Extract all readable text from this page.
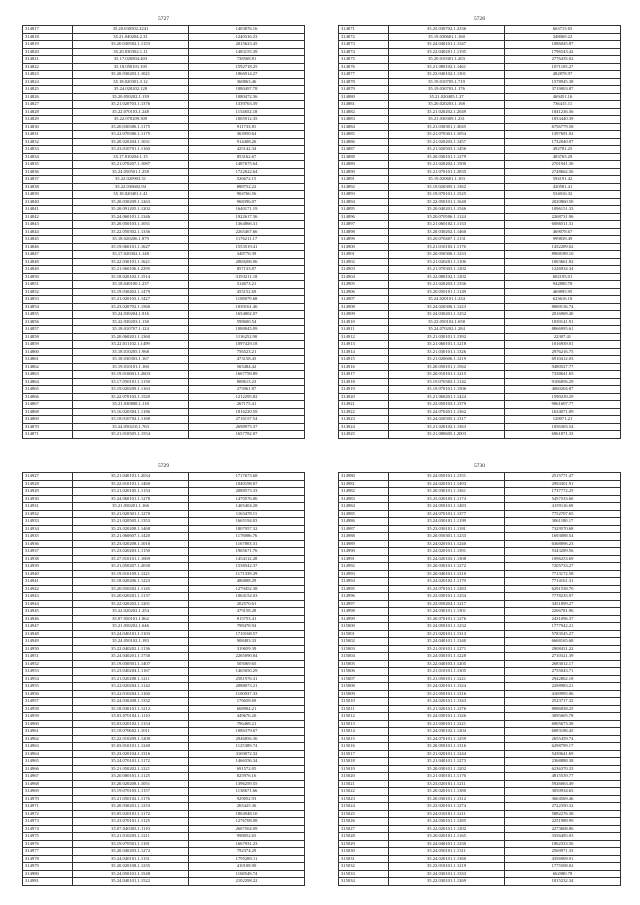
5727
314817	35.20.030502.2241	1403876.16
314818	35.21.040204.2.31	1240316.23
314819	35.20.030502.1.1153	2015623.45
314820	35.20.030302.1.11	1483155.39
314821	35.17.020804.403	738568.81
314822	35.18.050101.105	1592718.25
314823	35.20.030203.1.1021	1866914.27
314824	35.18.020301.3.12	368863.46
314825	35.24.020202.128	1080497.78
314826	35.20.050202.1.139	1080472.36
314827	35.21.020703.1.1376	1339763.39
314828	35.22.070103.1.248	1154652.18
314829	35.22.070209.309	1005912.35
314830	35.20.030306.1.1175	911733.81
314831	35.22.070306.1.1175	363950.64
314832	35.20.020204.1.1031	914408.26
314833	35.23.010701.1.1160	425142.34
314834	35.17.010204.1.15	853162.67
314835	35.21.070207.1.1087	1487675.64
314836	35.24.050501.1.258	1722622.64
314837	35.22.020903.31	526672.15
314838	35.22.030602.94	888752.22
314839	35.18.020401.1.41	904766.56
314840	35.20.030209.1.1263	968396.07
314841	35.20.091205.1.1202	1640171.19
314842	35.24.060101.1.1346	1922617.36
314843	35.20.050103.1.1031	1364866.31
314844	35.22.050302.1.1336	2265467.66
314845	35.18.020206.1.879	1176211.17
314846	35.19.060101.1.1627	1553519.41
314847	35.17.020302.1.148	348776.39
314848	35.22.030101.1.1621	2069206.96
314849	35.21.060106.1.2295	857133.87
314850	35.18.020102.1.1514	3193211.18
314851	35.18.040100.1.237	314673.21
314852	35.19.030402.1.1479	455152.69
314853	35.21.020103.1.1427	1108079.68
314854	35.23.020702.1.1560	1039161.46
314855	35.24.030204.1.916	1654802.07
314856	35.22.030203.1.130	598600.54
314857	35.18.010707.1.124	1088845.09
314858	35.20.060201.1.1360	1116252.90
314859	35.22.011102.1.1499	1097429.18
314860	35.18.010205.1.968	756523.21
314861	35.18.030303.1.167	473158.45
314862	35.19.010101.1.160	565484.42
314863	35.19.010601.1.2603	1667758.89
314864	35.17.050101.1.1150	808613.23
314865	35.19.020209.1.1163	275061.87
314866	35.22.070103.1.1520	1212295.82
314867	35.21.030808.1.118	267175.41
314868	35.16.020304.1.1186	1816220.59
314869	35.18.010704.1.1168	2716157.54
314870	35.24.050210.1.763	2698975.37
314871	35.21.010505.1.1554	1657782.07
5728
314871	35.25.030702.1.2336	663715.65
314872	35.19.030601.1.160	348069.22
314873	35.24.040101.1.1347	1086045.87
314874	35.22.040201.1.1195	1796543.42
314875	35.20.010301.1.203	2776435.02
314876	35.21.080102.1.1461	1071105.27
314877	35.23.040102.1.1301	482878.97
314878	35.19.010705.1.719	1578945.38
314879	35.19.030703.1.176	3719003.87
314880	35.21.020405.1.27	469451.16
314881	35.20.020203.1.168	736415.11
314882	35.21.020202.1.2049	1041236.36
314883	35.21.030309.1.231	1833440.39
314884	35.21.030301.1.3045	6756779.58
314885	35.21.070301.1.1054	1397691.02
314886	35.21.020203.1.1457	1732040.07
314887	35.21.020503.1.1456	492781.25
314888	35.20.030101.1.1279	483765.29
314889	35.21.020202.1.1500	2701941.30
314890	35.21.070101.1.2835	2748662.56
314891	35.19.020601.1.103	594191.42
314892	35.19.020305.1.1362	420581.41
314893	35.19.070101.1.1525	534016.32
314894	35.22.050101.1.1640	2020860.50
314895	35.20.040201.1.1546	1096151.33
314896	35.20.070506.1.1124	2268731.96
314897	35.21.060102.1.1153	6086511.31
314898	35.20.030202.1.1460	469078.67
314899	35.20.070407.1.1131	999839.49
314900	35.21.010103.1.1176	1432289.02
314901	35.20.050306.1.1233	8968189.10
314902	35.21.020201.1.1106	1003661.82
314903	35.21.070303.1.1202	1226934.34
314904	35.22.080102.1.1202	602195.01
314905	35.21.020203.1.1336	942800.78
314906	35.20.050101.1.1149	469895.95
314907	35.24.020101.1.234	623616.18
314908	35.24.020306.1.1223	8069136.74
314909	35.24.030201.1.1252	2016969.40
314910	35.23.050102.1.658	1039141.91
314911	35.24.070202.1.284	8866995.61
314912	35.21.030101.1.1392	22307.41
314913	35.21.060101.1.1218	1016939.01
314914	35.21.030101.1.1326	2976216.75
314915	35.21.020606.1.1219	6910412.03
314916	35.20.050101.1.1562	9480527.77
314917	35.20.010101.1.1215	7338641.65
314918	35.19.070303.1.1142	9106856.29
314919	35.19.070101.1.1506	4060204.87
314920	35.21.060201.1.1424	1590239.29
314921	35.23.050103.1.1379	9061607.77
314922	35.24.070201.1.1362	1634071.09
314923	35.24.020505.1.1317	128071.21
314924	35.21.020102.1.1363	1056303.54
314925	35.21.080605.1.2003	6961871.33
5729
314927	35.21.040101.1.2034	1717673.68
314928	35.22.010101.1.1460	1040198.07
314929	35.21.020105.1.1154	2088573.33
314930	35.24.060101.1.1278	1470576.06
314931	35.21.050201.1.166	1405404.28
314932	35.21.020301.1.1270	1163478.11
314933	35.21.020505.1.1353	1665194.03
314934	35.23.020208.1.1468	1807957.32
314935	35.21.060607.1.1420	1178086.76
314936	35.23.020208.1.1010	1167803.31
314937	35.23.020203.1.1150	1965671.76
314938	35.27.010101.1.1069	1454112.28
314939	35.21.050207.1.2030	1538542.37
314940	35.19.010109.1.1221	1171339.29
314941	35.18.020206.1.1223	486808.29
314942	35.20.050202.1.1145	1279452.38
314943	35.20.020201.1.1137	1064154.03
314944	35.22.020203.1.1201	202570.61
314945	35.22.020202.1.254	479158.28
314946	35.07.050101.1.862	815753.41
314947	35.21.050202.1.646	798478.94
314948	35.24.040101.1.1103	1710168.57
314949	35.24.050102.1.183	908403.33
314950	35.22.040202.1.1136	319659.39
314951	35.24.040201.1.1730	2265090.84
314952	35.19.030501.1.1407	505069.65
314953	35.23.040204.1.1167	1465050.29
314954	35.21.020208.1.1211	2581976.31
314955	35.22.020204.1.1142	2088073.21
314956	35.22.010204.1.1160	1100037.33
314957	35.24.030208.1.1332	176658.69
314958	35.18.030101.1.1212	668904.21
314959	35.03.070104.1.1110	449676.20
314960	35.03.020102.1.1154	796468.21
314961	35.18.070602.1.1011	1086379.67
314962	35.22.010209.1.1200	2946856.36
314963	35.03.010101.1.1240	1125389.74
314964	35.23.020104.1.1316	3169072.32
314965	35.24.070101.1.1172	1466556.34
314966	35.21.050202.1.1221	691572.05
314967	35.20.080101.1.1125	825976.16
314968	35.20.020208.1.1051	1396259.55
314969	35.19.070103.1.1157	1138671.66
314970	35.21.050102.1.1176	929052.93
314971	35.20.030201.1.1233	265425.36
314972	35.05.020101.1.1172	1804948.10
314973	35.23.070101.1.1125	1276708.08
314974	35.07.040303.1.1110	2667504.09
314975	35.21.010203.1.1211	998052.65
314976	35.19.070501.1.1181	1667931.23
314977	35.20.040203.1.1272	792374.29
314978	35.24.040101.1.1151	1795280.11
314979	35.20.020108.1.1235	410108.90
314980	35.24.050101.1.1548	1168549.74
314981	35.24.040101.1.1522	2102298.22
5730
314980	35.24.050101.1.1351	2515771.47
314981	35.24.020101.1.1493	2994301.91
314982	35.20.030101.1.1361	1737772.25
314983	35.25.020103.1.1174	5457533.66
314984	35.24.050101.1.1483	4159116.69
314985	35.24.070101.1.1377	7752707.65
314986	35.24.030101.1.1199	3061180.17
314987	35.23.030101.1.1181	7329570.68
314988	35.20.050301.1.1233	1693088.54
314989	35.24.020101.1.1240	6368896.23
314990	35.24.020101.1.1391	5343289.56
314991	35.24.020103.1.1308	1096253.69
314992	35.20.030101.1.1272	7205733.27
314993	35.20.040101.1.1310	7713172.58
314994	35.24.020102.1.1170	7714161.31
314995	35.23.070101.1.1283	6291538.70
314996	35.23.030101.1.1254	7778235.97
314997	35.23.050204.1.1217	3451899.27
314998	35.24.030101.1.1301	2266781.96
314999	35.20.070101.1.1276	2431096.37
315000	35.24.050101.1.1232	1777942.21
315001	35.21.020101.1.1313	5783545.27
315002	35.24.040101.1.1340	6668165.68
315003	35.21.010101.1.1271	2908431.22
315004	35.24.030101.1.1228	2710321.39
315005	35.22.040103.1.1205	2683012.17
315006	35.21.010101.1.1305	2755043.71
315007	35.21.050101.1.1221	2942862.18
315008	35.24.020101.1.1324	2298983.21
315009	35.21.050101.1.1316	4169995.06
315010	35.24.020101.1.1343	2523717.32
315011	35.21.020101.1.1276	8086838.25
315012	35.24.030101.1.1326	3095605.78
315013	35.21.030101.1.1221	6905673.38
315014	35.24.030102.1.1204	6083186.45
315015	35.24.070101.1.1259	2655459.74
315016	35.20.050101.1.1316	6298799.17
315017	35.21.020101.1.1244	5439641.69
315018	35.21.040101.1.1273	2368888.38
315019	35.20.030101.1.1202	6236370.33
315020	35.21.030101.1.1176	4815539.77
315021	35.23.020101.1.1211	5926063.49
315022	35.20.020101.1.1380	3050934.65
315023	35.20.030101.1.1312	3604569.46
315024	35.23.020101.1.1274	2722350.32
315025	35.24.010101.1.1211	5882276.38
315026	35.24.030101.1.1285	2251988.99
315027	35.22.020101.1.1202	2273608.86
315028	35.20.020101.1.1165	3356495.03
315029	35.24.040101.1.1230	1862333.50
315030	35.24.050101.1.1311	2569971.33
315031	35.24.020101.1.1360	4356909.91
315032	35.23.010101.1.1219	1775508.02
315033	35.24.030101.1.1333	662980.78
315034	35.22.030101.1.1269	1815232.34
